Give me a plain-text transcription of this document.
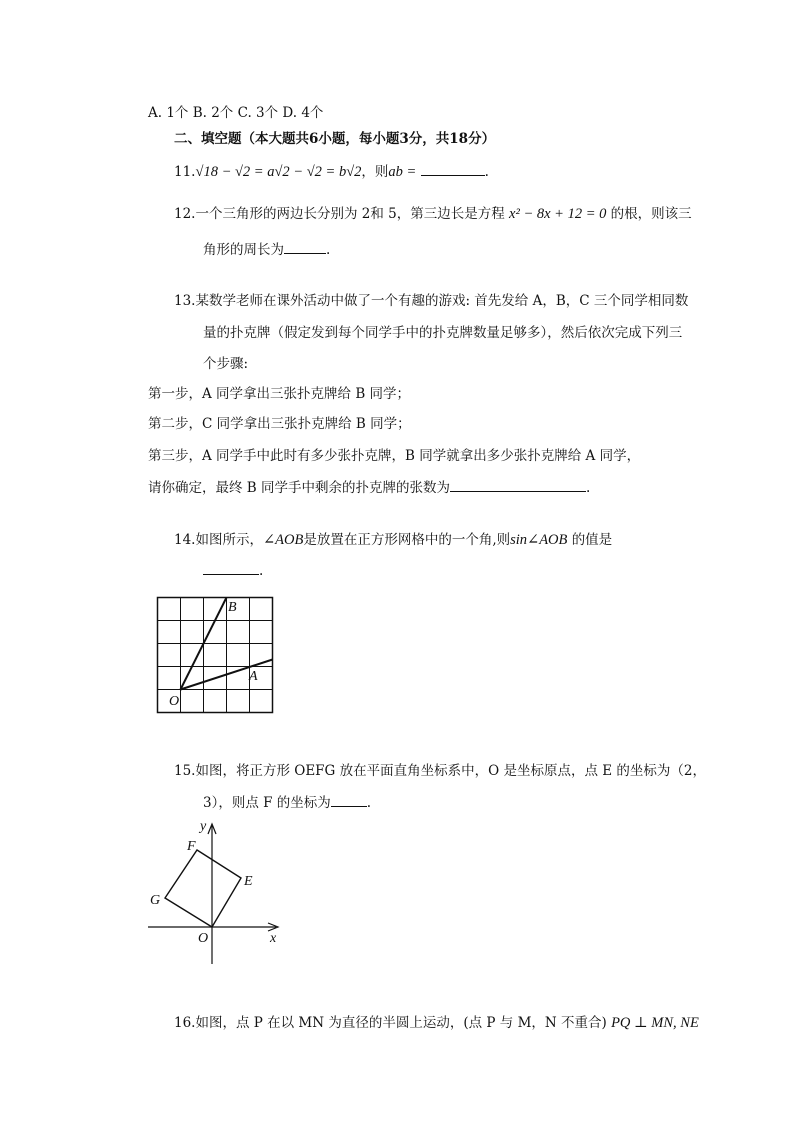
A. 1个 B. 2个 C. 3个 D. 4个
二、填空题（本大题共6小题，每小题3分，共18分）
11.√18 − √2 = a√2 − √2 = b√2，则ab =	.
12.一个三角形的两边长分别为 2和 5，第三边长是方程 x² − 8x + 12 = 0 的根，则该三
角形的周长为	.
13.某数学老师在课外活动中做了一个有趣的游戏: 首先发给 A，B，C 三个同学相同数
量的扑克牌（假定发到每个同学手中的扑克牌数量足够多），然后依次完成下列三
个步骤:
第一步，A 同学拿出三张扑克牌给 B 同学；
第二步，C 同学拿出三张扑克牌给 B 同学；
第三步，A 同学手中此时有多少张扑克牌，B 同学就拿出多少张扑克牌给 A 同学，
请你确定，最终 B 同学手中剩余的扑克牌的张数为	.
14.如图所示，∠AOB是放置在正方形网格中的一个角,则sin∠AOB 的值是
.
B
A
O
15.如图，将正方形 OEFG 放在平面直角坐标系中，O 是坐标原点，点 E 的坐标为（2，
3），则点 F 的坐标为	.
y
x
O
E
F
G
16.如图，点 P 在以 MN 为直径的半圆上运动，(点 P 与 M，N 不重合) PQ ⊥ MN, NE
